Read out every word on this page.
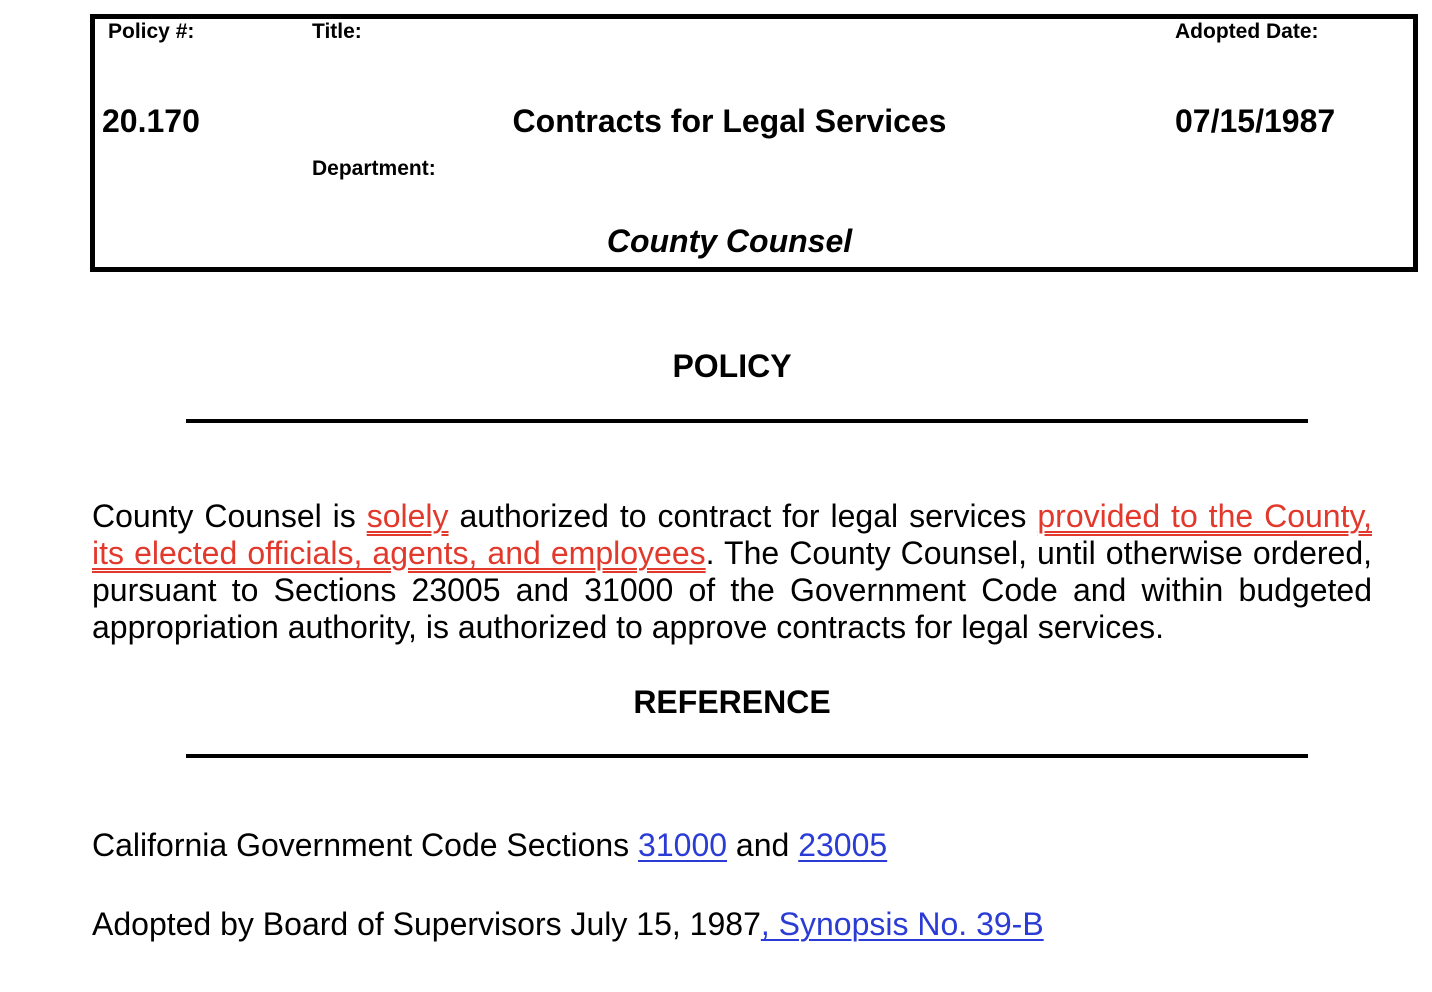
Policy #:	Title:	Adopted Date:
20.170	Contracts for Legal Services	07/15/1987
Department:
County Counsel
POLICY
County Counsel is solely authorized to contract for legal services provided to the County, its elected officials, agents, and employees. The County Counsel, until otherwise ordered, pursuant to Sections 23005 and 31000 of the Government Code and within budgeted appropriation authority, is authorized to approve contracts for legal services.
REFERENCE
California Government Code Sections 31000 and 23005
Adopted by Board of Supervisors July 15, 1987, Synopsis No. 39-B
